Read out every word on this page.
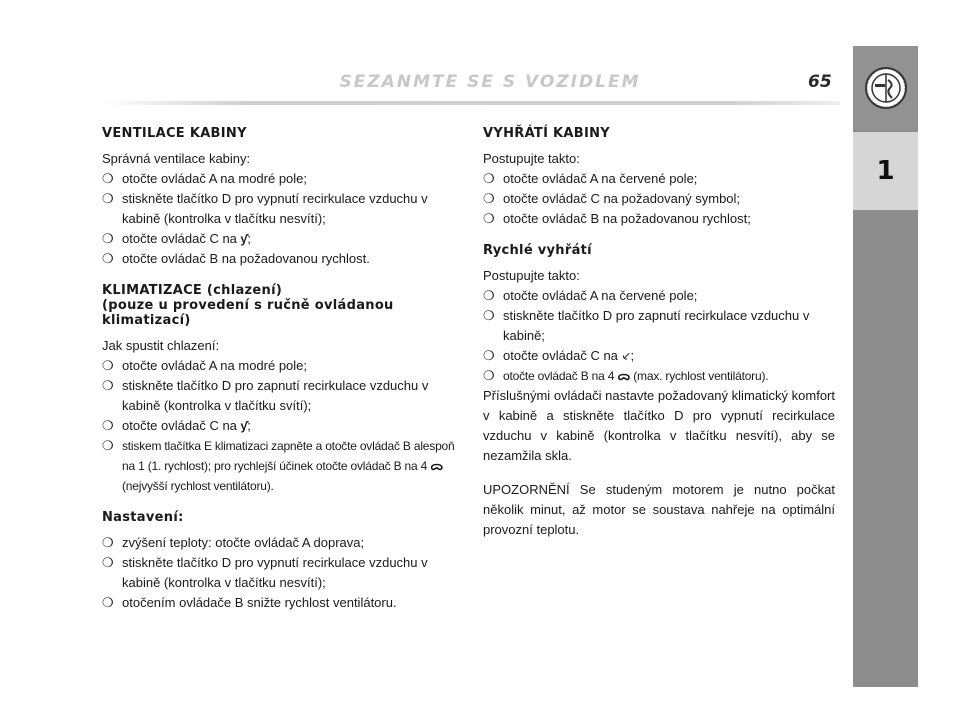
SEZANMTE SE S VOZIDLEM	65
1

VENTILACE KABINY

Správná ventilace kabiny:

❍ otočte ovládač A na modré pole;

❍ stiskněte tlačítko D pro vypnutí recirkulace vzduchu v kabině (kontrolka v tlačítku nesvítí);

❍ otočte ovládač C na ƴ;

❍ otočte ovládač B na požadovanou rychlost.

KLIMATIZACE (chlazení)

(pouze u provedení s ručně ovládanou klimatizací)

Jak spustit chlazení:

❍ otočte ovládač A na modré pole;

❍ stiskněte tlačítko D pro zapnutí recirkulace vzduchu v kabině (kontrolka v tlačítku svítí);

❍ otočte ovládač C na ƴ;

❍ stiskem tlačítka E klimatizaci zapněte a otočte ovládač B alespoň na 1 (1. rychlost); pro rychlejší účinek otočte ovládač B na 4 ᯅ
(nejvyšší rychlost ventilátoru).

Nastavení:

❍ zvýšení teploty: otočte ovládač A doprava;

❍ stiskněte tlačítko D pro vypnutí recirkulace vzduchu v kabině (kontrolka v tlačítku nesvítí);

❍ otočením ovládače B snižte rychlost ventilátoru.

VYHŘÁTÍ KABINY

Postupujte takto:

❍ otočte ovládač A na červené pole;

❍ otočte ovládač C na požadovaný symbol;

❍ otočte ovládač B na požadovanou rychlost;

Rychlé vyhřátí

Postupujte takto:

❍ otočte ovládač A na červené pole;

❍ stiskněte tlačítko D pro zapnutí recirkulace vzduchu v kabině;

❍ otočte ovládač C na ⸔;

❍ otočte ovládač B na 4 ᯅ (max. rychlost ventilátoru).

Příslušnými ovládači nastavte požadovaný klimatický komfort v kabině a stiskněte tlačítko D pro vypnutí recirkulace vzduchu v kabině (kontrolka v tlačítku nesvítí), aby se nezamžila skla.

UPOZORNĚNÍ Se studeným motorem je nutno počkat několik minut, až motor se soustava nahřeje na optimální provozní teplotu.
